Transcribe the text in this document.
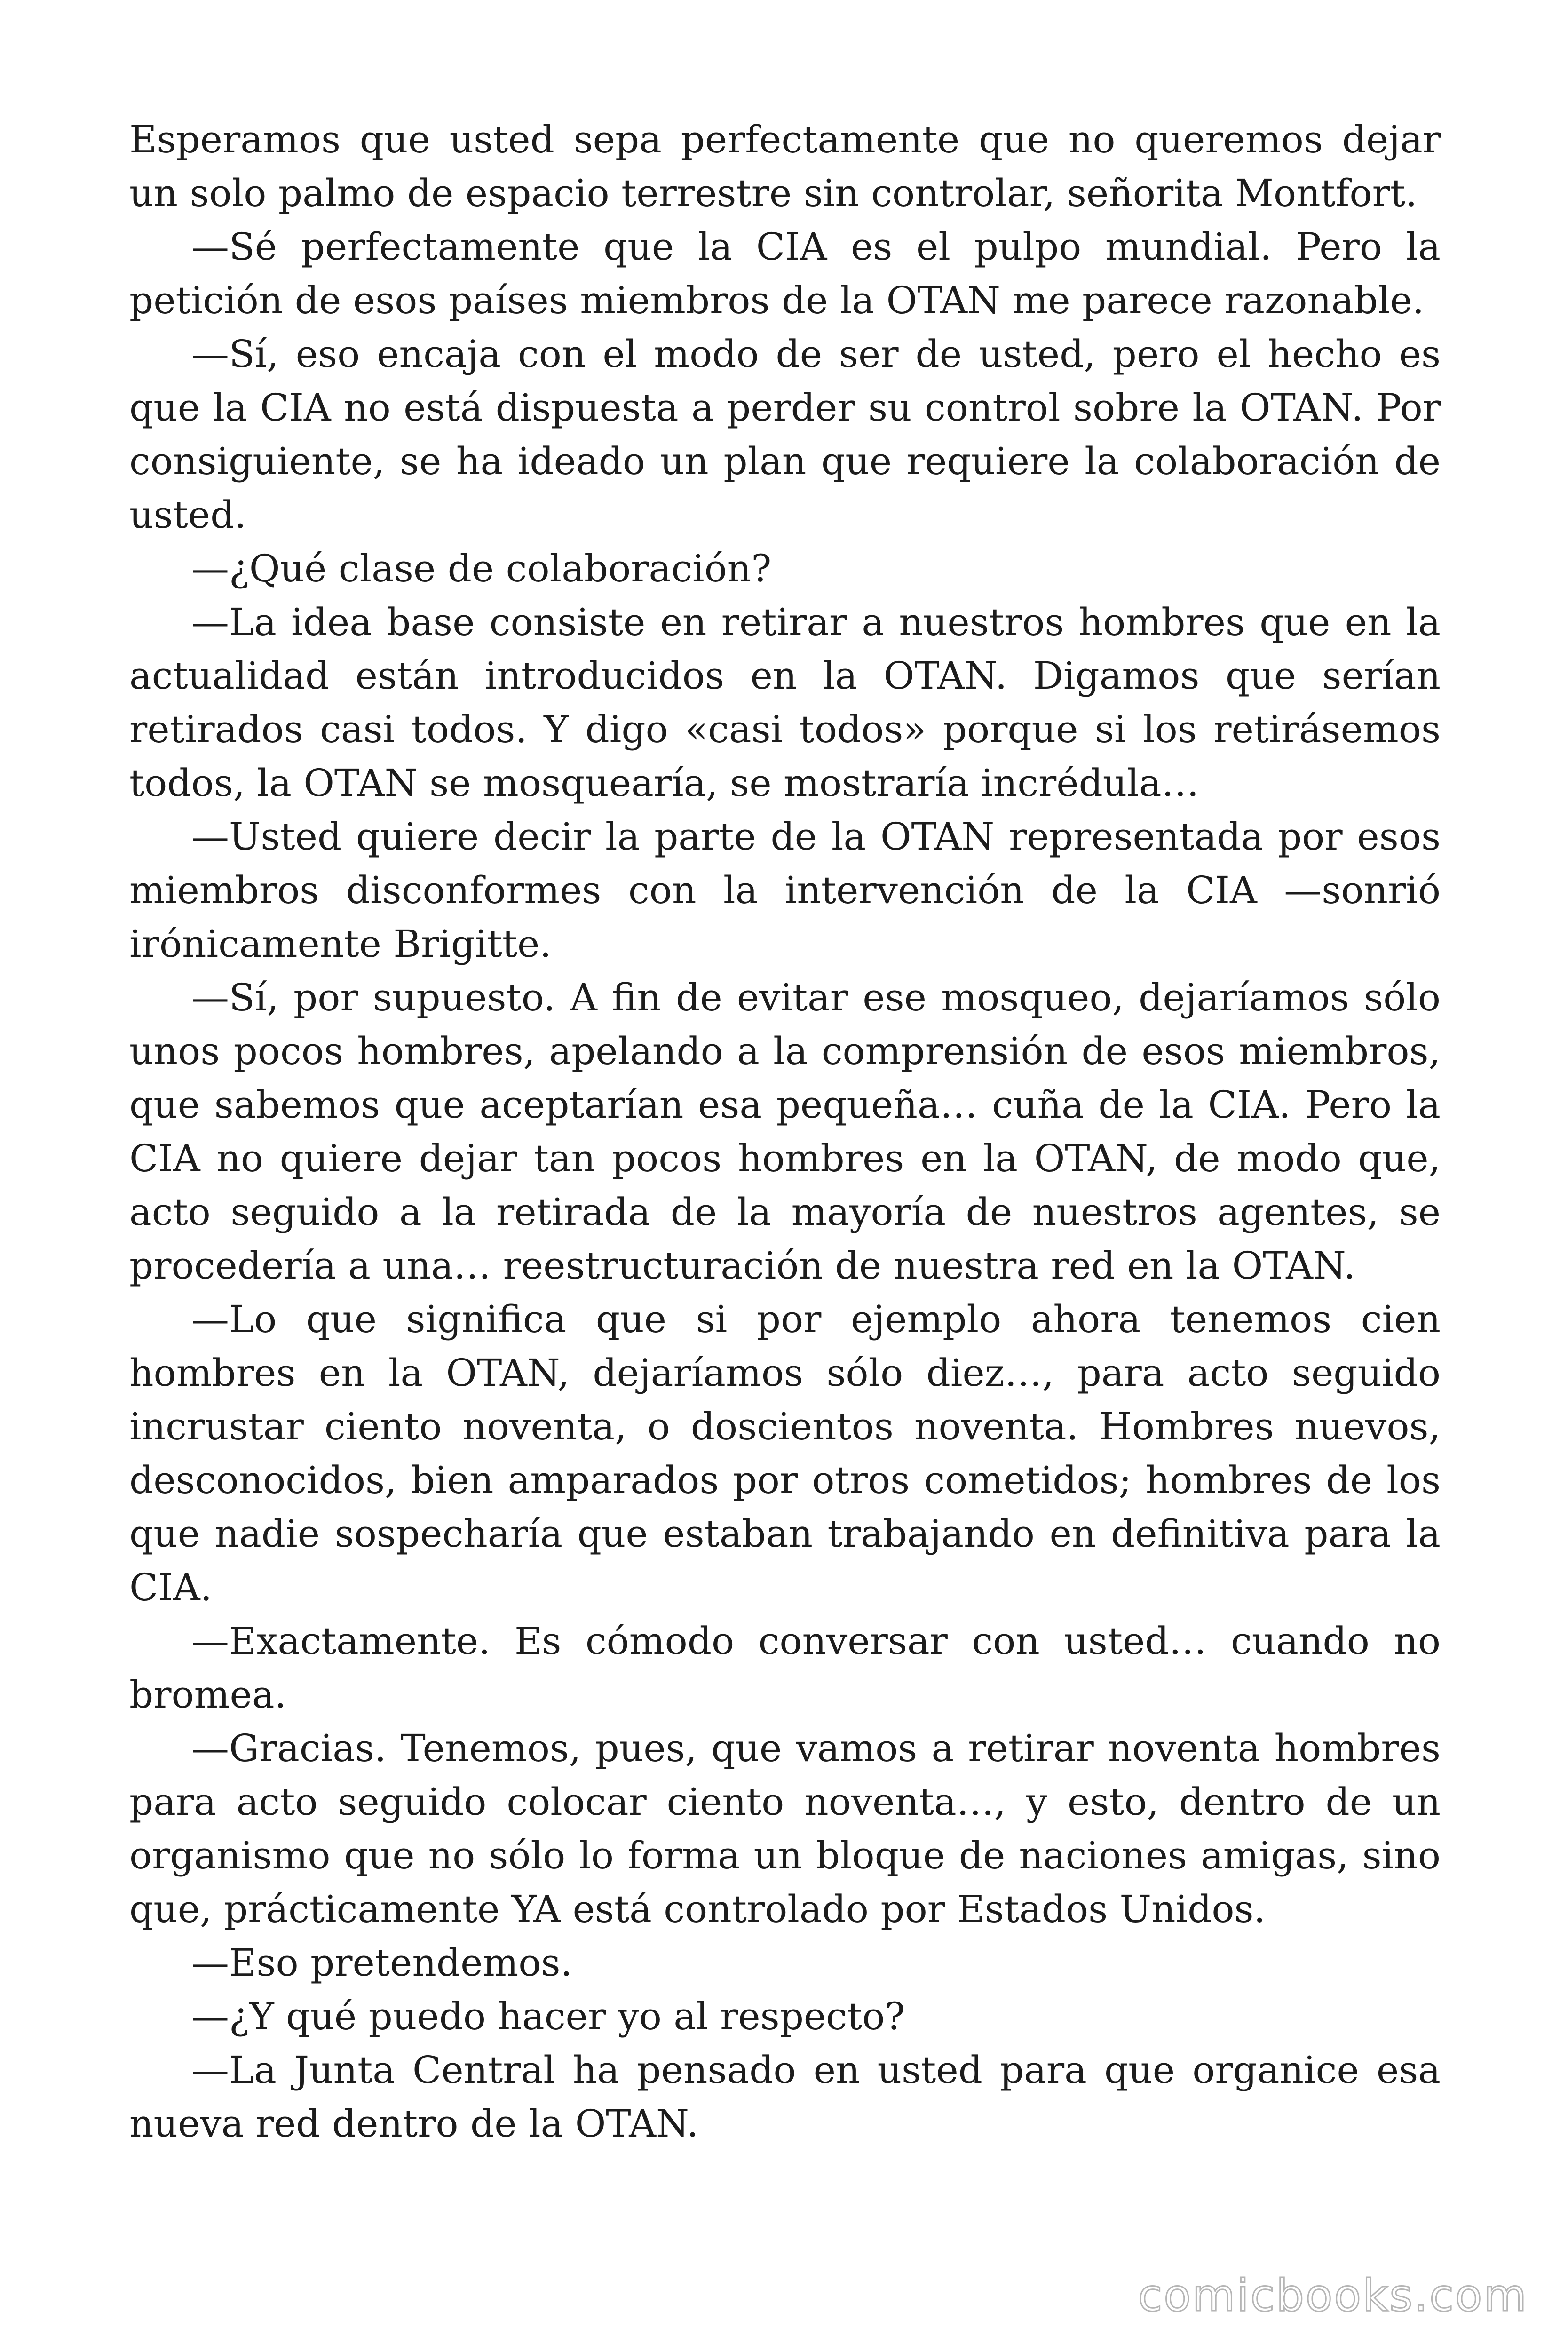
Esperamos que usted sepa perfectamente que no queremos dejar un solo palmo de espacio terrestre sin controlar, señorita Montfort.

—Sé perfectamente que la CIA es el pulpo mundial. Pero la petición de esos países miembros de la OTAN me parece razonable.

—Sí, eso encaja con el modo de ser de usted, pero el hecho es que la CIA no está dispuesta a perder su control sobre la OTAN. Por consiguiente, se ha ideado un plan que requiere la colaboración de usted.

—¿Qué clase de colaboración?

—La idea base consiste en retirar a nuestros hombres que en la actualidad están introducidos en la OTAN. Digamos que serían retirados casi todos. Y digo «casi todos» porque si los retirásemos todos, la OTAN se mosquearía, se mostraría incrédula…

—Usted quiere decir la parte de la OTAN representada por esos miembros disconformes con la intervención de la CIA —sonrió irónicamente Brigitte.

—Sí, por supuesto. A fin de evitar ese mosqueo, dejaríamos sólo unos pocos hombres, apelando a la comprensión de esos miembros, que sabemos que aceptarían esa pequeña… cuña de la CIA. Pero la CIA no quiere dejar tan pocos hombres en la OTAN, de modo que, acto seguido a la retirada de la mayoría de nuestros agentes, se procedería a una… reestructuración de nuestra red en la OTAN.

—Lo que significa que si por ejemplo ahora tenemos cien hombres en la OTAN, dejaríamos sólo diez…, para acto seguido incrustar ciento noventa, o doscientos noventa. Hombres nuevos, desconocidos, bien amparados por otros cometidos; hombres de los que nadie sospecharía que estaban trabajando en definitiva para la CIA.

—Exactamente. Es cómodo conversar con usted… cuando no bromea.

—Gracias. Tenemos, pues, que vamos a retirar noventa hombres para acto seguido colocar ciento noventa…, y esto, dentro de un organismo que no sólo lo forma un bloque de naciones amigas, sino que, prácticamente YA está controlado por Estados Unidos.

—Eso pretendemos.

—¿Y qué puedo hacer yo al respecto?

—La Junta Central ha pensado en usted para que organice esa nueva red dentro de la OTAN.

comicbooks.com
